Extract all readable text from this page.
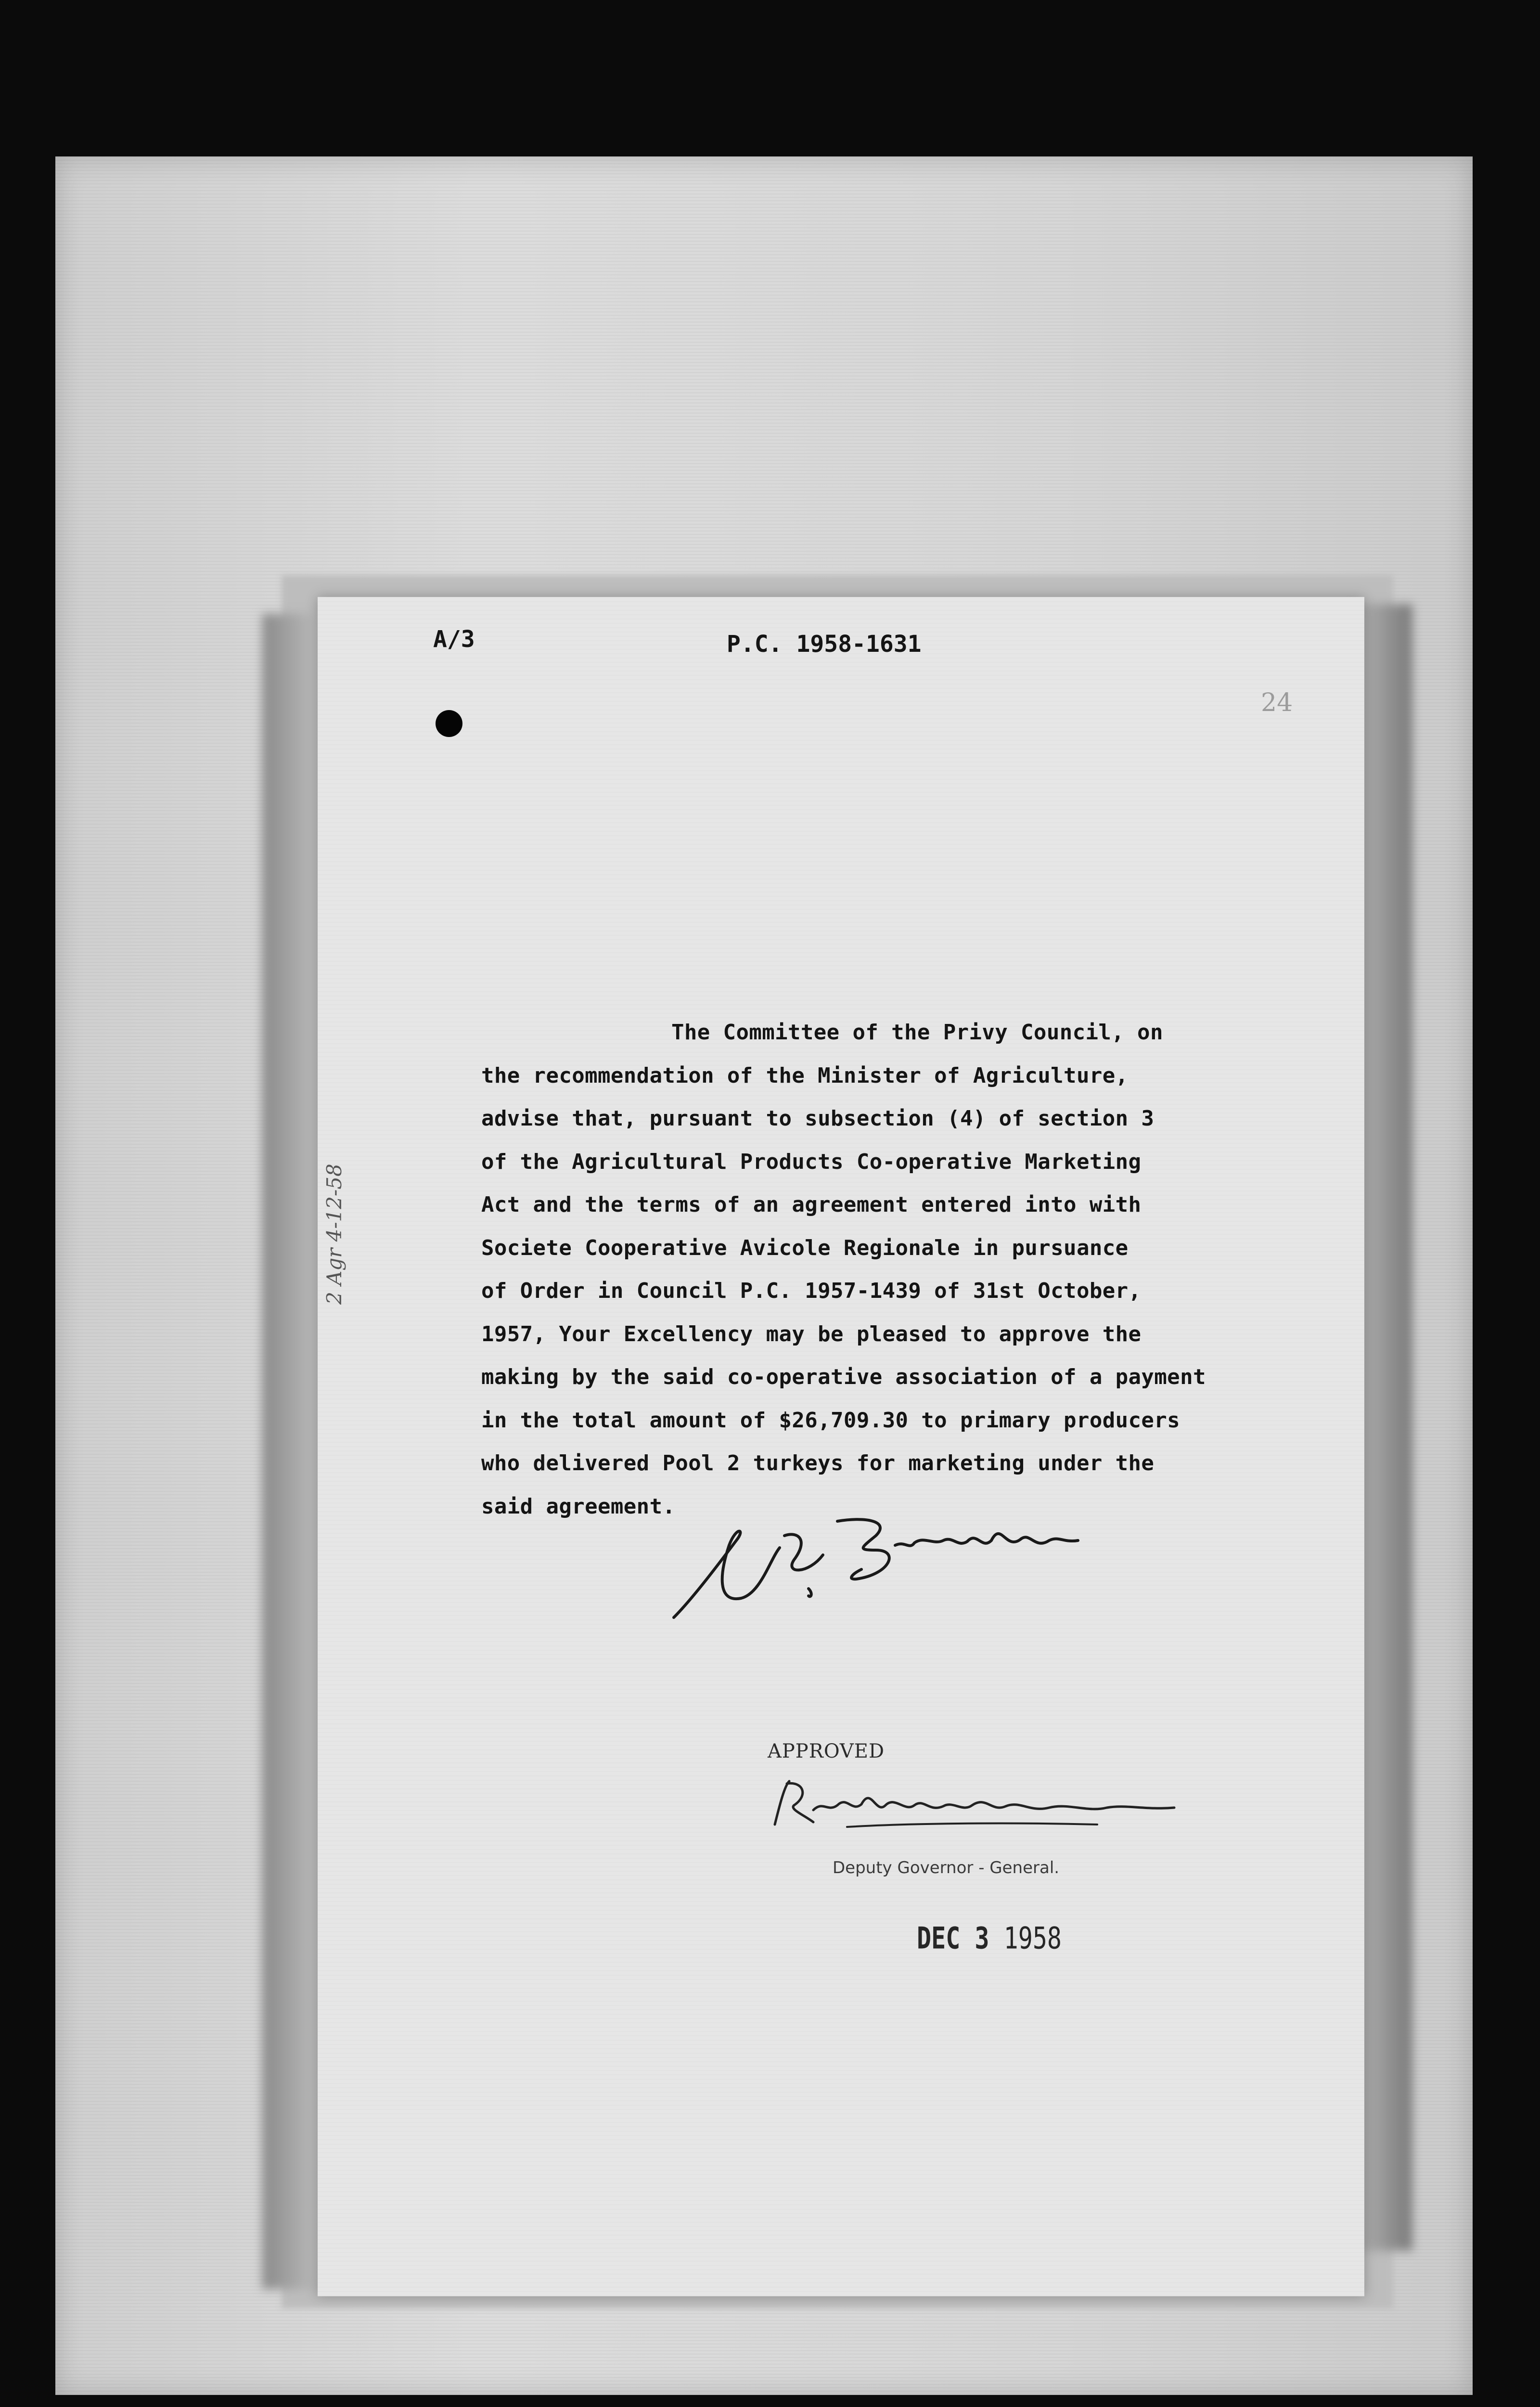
A/3	P.C. 1958-1631
24
2 Agr 4-12-58
The Committee of the Privy Council, on
the recommendation of the Minister of Agriculture,
advise that, pursuant to subsection (4) of section 3
of the Agricultural Products Co-operative Marketing
Act and the terms of an agreement entered into with
Societe Cooperative Avicole Regionale in pursuance
of Order in Council P.C. 1957-1439 of 31st October,
1957, Your Excellency may be pleased to approve the
making by the said co-operative association of a payment
in the total amount of $26,709.30 to primary producers
who delivered Pool 2 turkeys for marketing under the
said agreement.
APPROVED
Deputy Governor - General.
DEC 3 1958
